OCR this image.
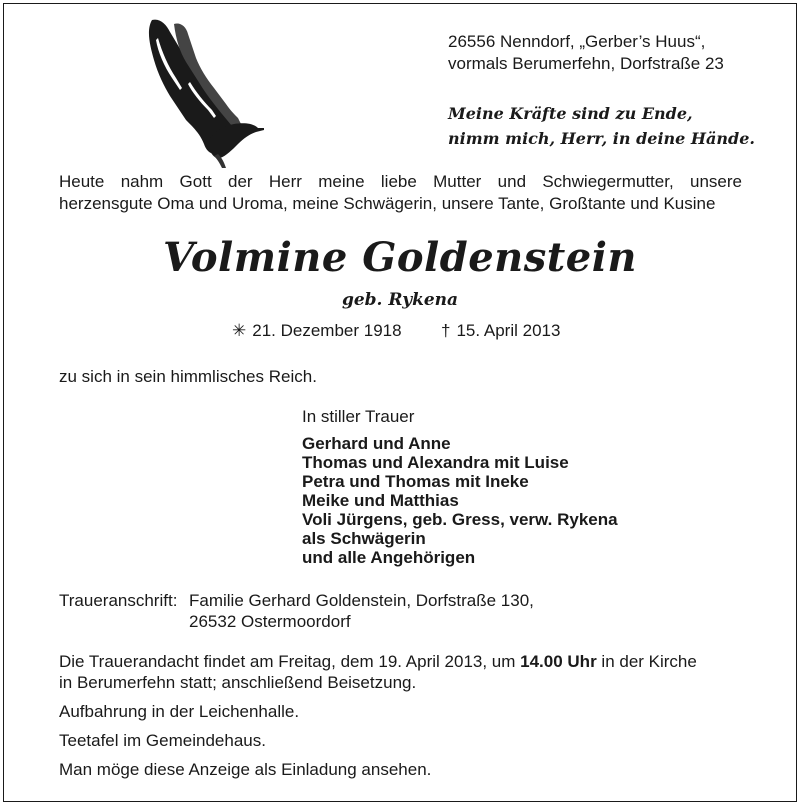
26556 Nenndorf, „Gerber’s Huus“,
vormals Berumerfehn, Dorfstraße 23
Meine Kräfte sind zu Ende,
nimm mich, Herr, in deine Hände.
Heute nahm Gott der Herr meine liebe Mutter und Schwiegermutter, unsere
herzensgute Oma und Uroma, meine Schwägerin, unsere Tante, Großtante und Kusine
Volmine Goldenstein
geb. Rykena
✳ 21. Dezember 1918 † 15. April 2013
zu sich in sein himmlisches Reich.
In stiller Trauer
Gerhard und Anne
Thomas und Alexandra mit Luise
Petra und Thomas mit Ineke
Meike und Matthias
Voli Jürgens, geb. Gress, verw. Rykena
als Schwägerin
und alle Angehörigen
Traueranschrift: Familie Gerhard Goldenstein, Dorfstraße 130,
26532 Ostermoordorf

Die Trauerandacht findet am Freitag, dem 19. April 2013, um 14.00 Uhr in der Kirche
in Berumerfehn statt; anschließend Beisetzung.

Aufbahrung in der Leichenhalle.

Teetafel im Gemeindehaus.

Man möge diese Anzeige als Einladung ansehen.
